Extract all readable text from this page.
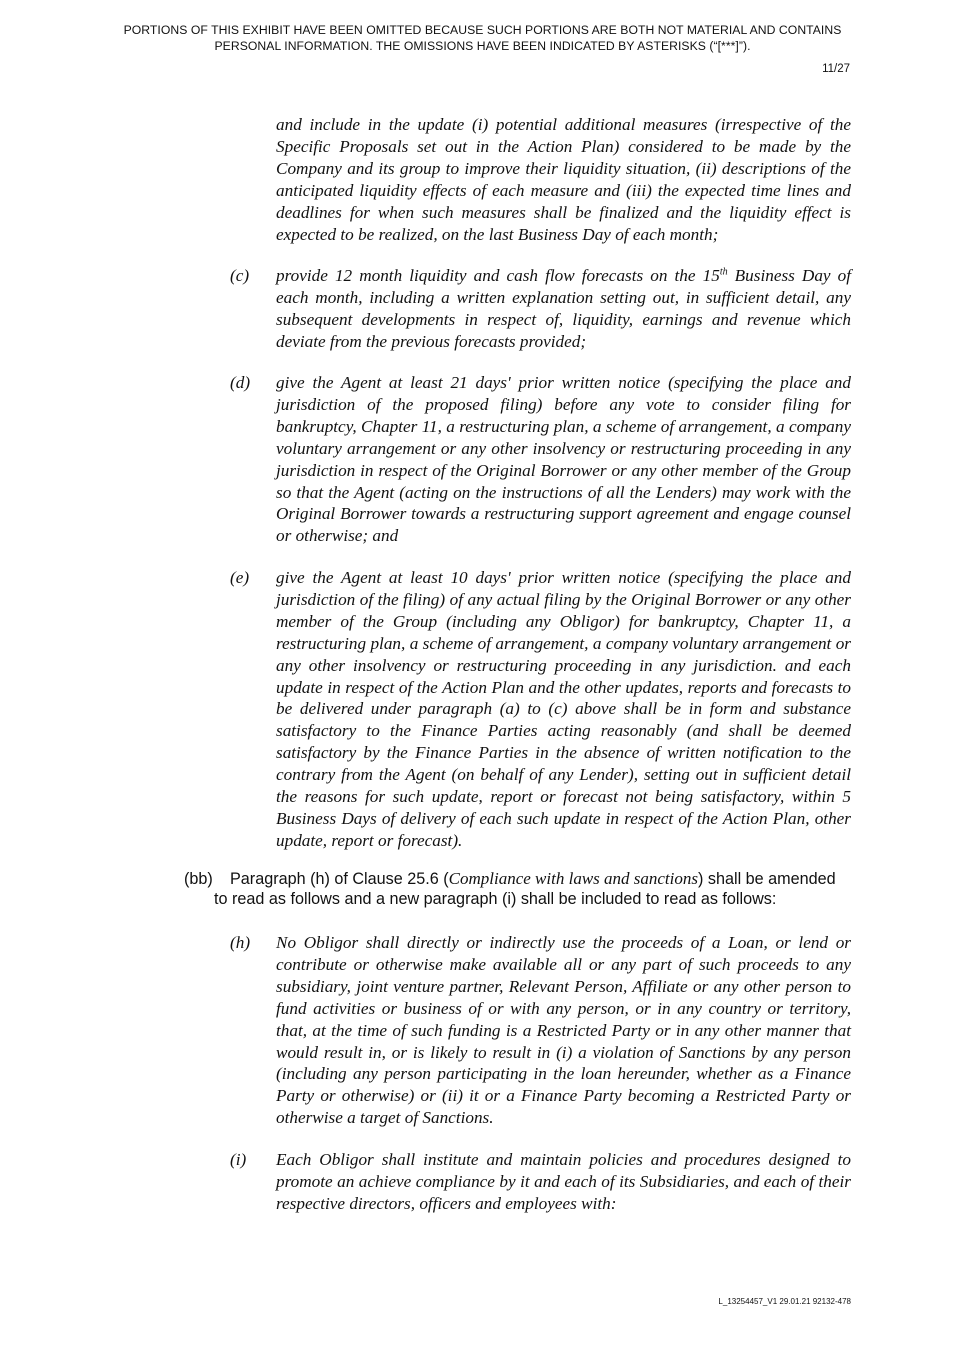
PORTIONS OF THIS EXHIBIT HAVE BEEN OMITTED BECAUSE SUCH PORTIONS ARE BOTH NOT MATERIAL AND CONTAINS PERSONAL INFORMATION. THE OMISSIONS HAVE BEEN INDICATED BY ASTERISKS (“[***]”).
11/27
and include in the update (i) potential additional measures (irrespective of the Specific Proposals set out in the Action Plan) considered to be made by the Company and its group to improve their liquidity situation, (ii) descriptions of the anticipated liquidity effects of each measure and (iii) the expected time lines and deadlines for when such measures shall be finalized and the liquidity effect is expected to be realized, on the last Business Day of each month;
(c)	provide 12 month liquidity and cash flow forecasts on the 15th Business Day of each month, including a written explanation setting out, in sufficient detail, any subsequent developments in respect of, liquidity, earnings and revenue which deviate from the previous forecasts provided;
(d)	give the Agent at least 21 days' prior written notice (specifying the place and jurisdiction of the proposed filing) before any vote to consider filing for bankruptcy, Chapter 11, a restructuring plan, a scheme of arrangement, a company voluntary arrangement or any other insolvency or restructuring proceeding in any jurisdiction in respect of the Original Borrower or any other member of the Group so that the Agent (acting on the instructions of all the Lenders) may work with the Original Borrower towards a restructuring support agreement and engage counsel or otherwise; and
(e)	give the Agent at least 10 days' prior written notice (specifying the place and jurisdiction of the filing) of any actual filing by the Original Borrower or any other member of the Group (including any Obligor) for bankruptcy, Chapter 11, a restructuring plan, a scheme of arrangement, a company voluntary arrangement or any other insolvency or restructuring proceeding in any jurisdiction. and each update in respect of the Action Plan and the other updates, reports and forecasts to be delivered under paragraph (a) to (c) above shall be in form and substance satisfactory to the Finance Parties acting reasonably (and shall be deemed satisfactory by the Finance Parties in the absence of written notification to the contrary from the Agent (on behalf of any Lender), setting out in sufficient detail the reasons for such update, report or forecast not being satisfactory, within 5 Business Days of delivery of each such update in respect of the Action Plan, other update, report or forecast).
(bb) Paragraph (h) of Clause 25.6 (Compliance with laws and sanctions) shall be amended
to read as follows and a new paragraph (i) shall be included to read as follows:
(h)	No Obligor shall directly or indirectly use the proceeds of a Loan, or lend or contribute or otherwise make available all or any part of such proceeds to any subsidiary, joint venture partner, Relevant Person, Affiliate or any other person to fund activities or business of or with any person, or in any country or territory, that, at the time of such funding is a Restricted Party or in any other manner that would result in, or is likely to result in (i) a violation of Sanctions by any person (including any person participating in the loan hereunder, whether as a Finance Party or otherwise) or (ii) it or a Finance Party becoming a Restricted Party or otherwise a target of Sanctions.
(i)	Each Obligor shall institute and maintain policies and procedures designed to promote an achieve compliance by it and each of its Subsidiaries, and each of their respective directors, officers and employees with:
L_13254457_V1 29.01.21 92132-478
